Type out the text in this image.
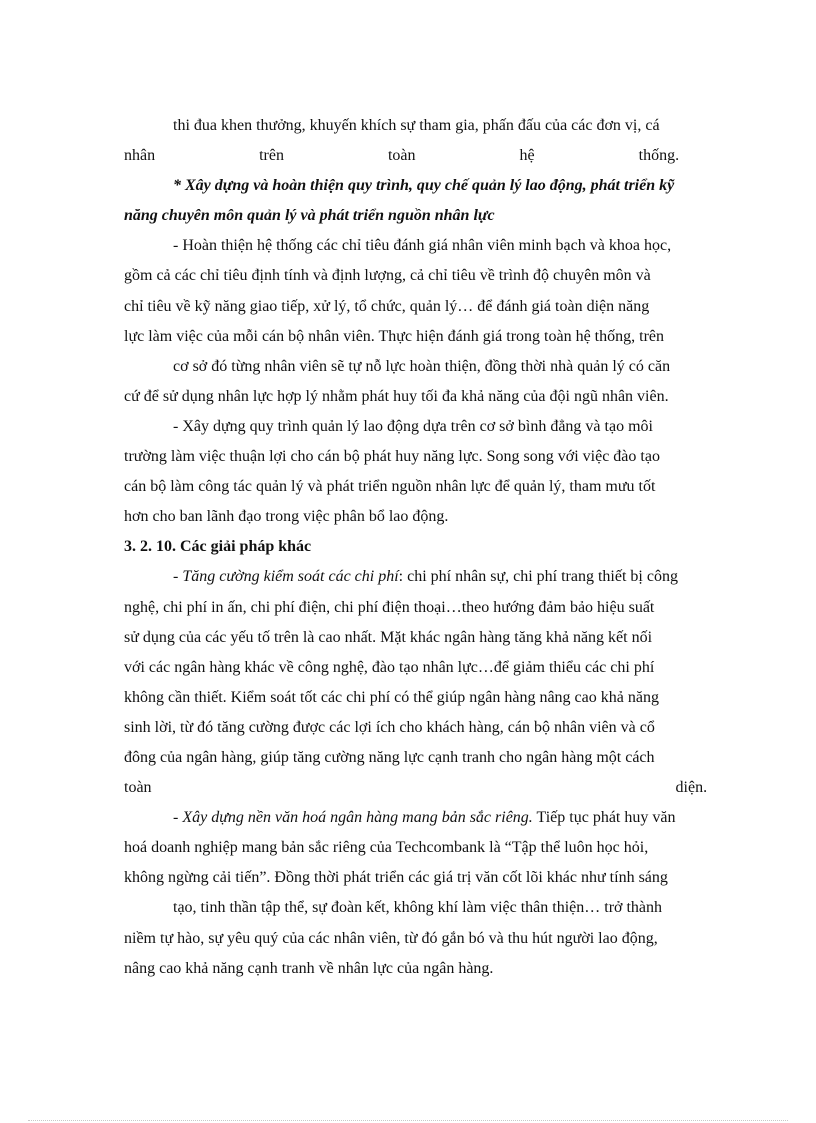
thi đua khen thưởng, khuyến khích sự tham gia, phấn đấu của các đơn vị, cá
nhân trên toàn hệ thống.
* Xây dựng và hoàn thiện quy trình, quy chế quản lý lao động, phát triển kỹ
năng chuyên môn quản lý và phát triển nguồn nhân lực
- Hoàn thiện hệ thống các chỉ tiêu đánh giá nhân viên minh bạch và khoa học,
gồm cả các chỉ tiêu định tính và định lượng, cả chỉ tiêu về trình độ chuyên môn và
chỉ tiêu về kỹ năng giao tiếp, xử lý, tổ chức, quản lý… để đánh giá toàn diện năng
lực làm việc của mỗi cán bộ nhân viên. Thực hiện đánh giá trong toàn hệ thống, trên
cơ sở đó từng nhân viên sẽ tự nỗ lực hoàn thiện, đồng thời nhà quản lý có căn
cứ để sử dụng nhân lực hợp lý nhằm phát huy tối đa khả năng của đội ngũ nhân viên.
- Xây dựng quy trình quản lý lao động dựa trên cơ sở bình đẳng và tạo môi
trường làm việc thuận lợi cho cán bộ phát huy năng lực. Song song với việc đào tạo
cán bộ làm công tác quản lý và phát triển nguồn nhân lực để quản lý, tham mưu tốt
hơn cho ban lãnh đạo trong việc phân bổ lao động.
3. 2. 10. Các giải pháp khác
- Tăng cường kiểm soát các chi phí: chi phí nhân sự, chi phí trang thiết bị công
nghệ, chi phí in ấn, chi phí điện, chi phí điện thoại…theo hướng đảm bảo hiệu suất
sử dụng của các yếu tố trên là cao nhất. Mặt khác ngân hàng tăng khả năng kết nối
với các ngân hàng khác về công nghệ, đào tạo nhân lực…để giảm thiểu các chi phí
không cần thiết. Kiểm soát tốt các chi phí có thể giúp ngân hàng nâng cao khả năng
sinh lời, từ đó tăng cường được các lợi ích cho khách hàng, cán bộ nhân viên và cổ
đông của ngân hàng, giúp tăng cường năng lực cạnh tranh cho ngân hàng một cách
toàn diện.
- Xây dựng nền văn hoá ngân hàng mang bản sắc riêng. Tiếp tục phát huy văn
hoá doanh nghiệp mang bản sắc riêng của Techcombank là “Tập thể luôn học hỏi,
không ngừng cải tiến”. Đồng thời phát triển các giá trị văn cốt lõi khác như tính sáng
tạo, tinh thần tập thể, sự đoàn kết, không khí làm việc thân thiện… trở thành
niềm tự hào, sự yêu quý của các nhân viên, từ đó gắn bó và thu hút người lao động,
nâng cao khả năng cạnh tranh về nhân lực của ngân hàng.
